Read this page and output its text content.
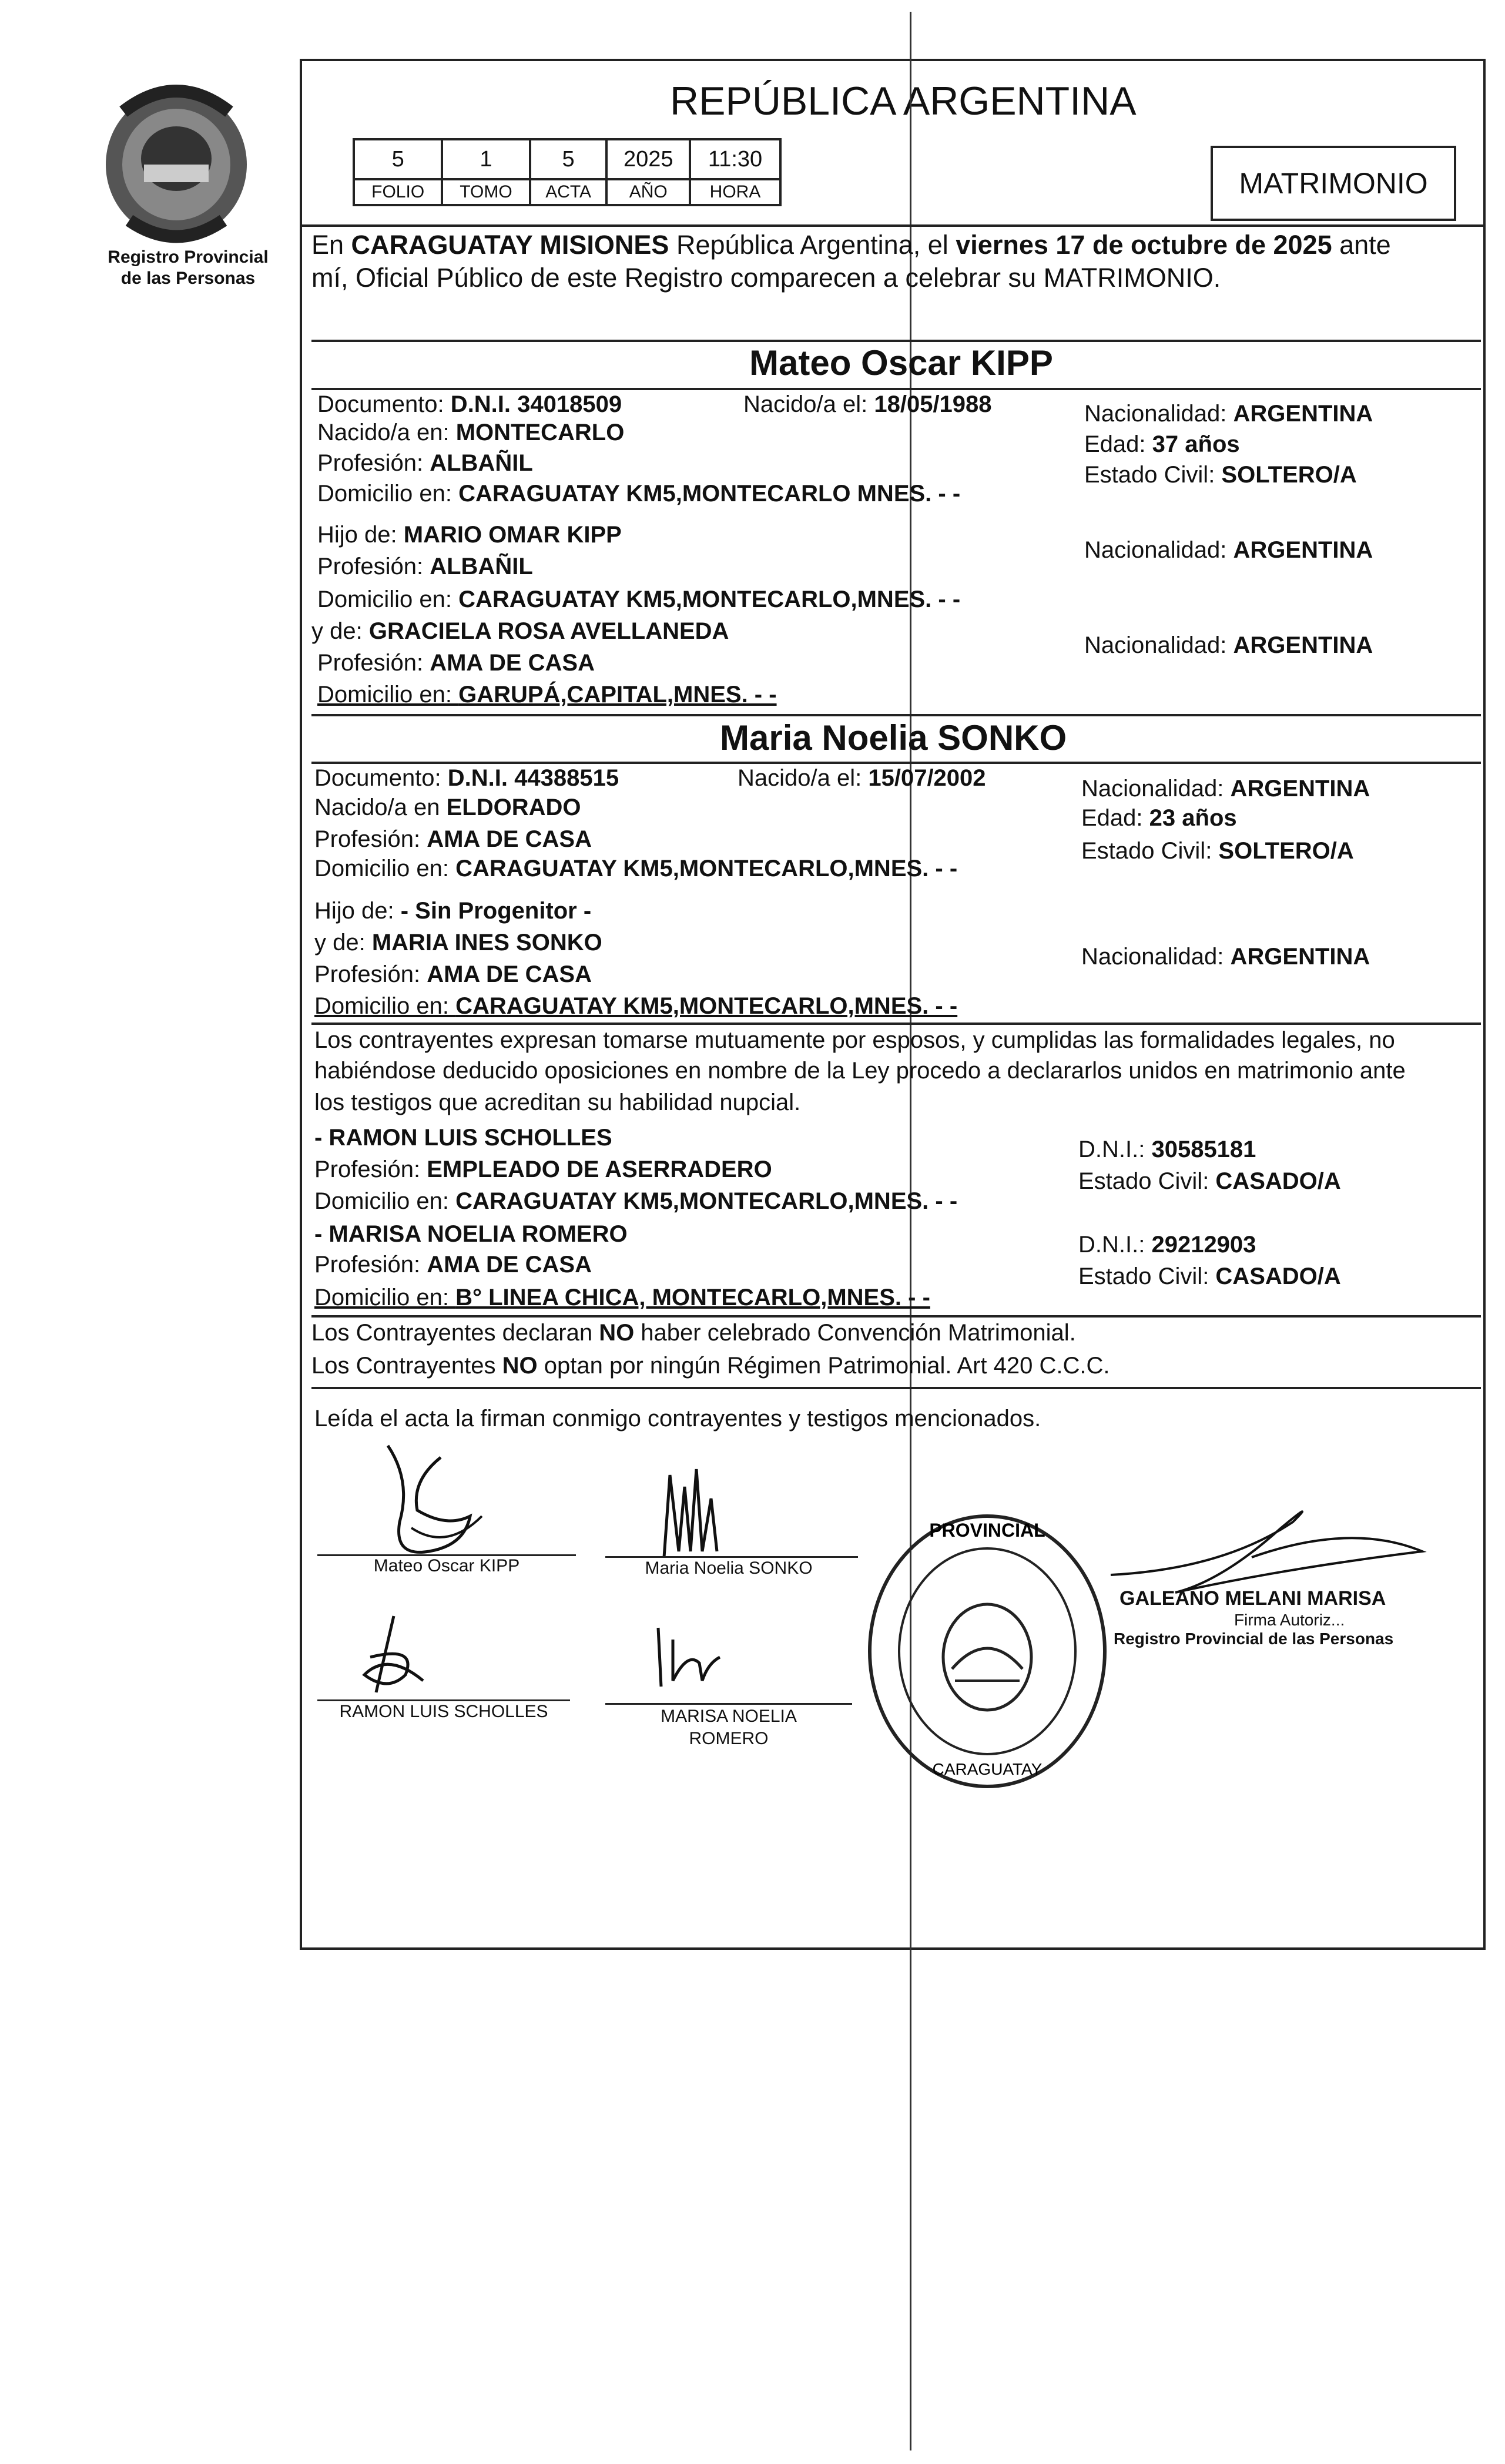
Registro Provincial
de las Personas
REPÚBLICA ARGENTINA
5	1	5	2025	11:30
FOLIO	TOMO	ACTA	AÑO	HORA	MATRIMONIO
En CARAGUATAY MISIONES República Argentina, el viernes 17 de octubre de 2025 ante
mí, Oficial Público de este Registro comparecen a celebrar su MATRIMONIO.
Mateo Oscar KIPP
Documento: D.N.I. 34018509	Nacido/a el: 18/05/1988	Nacionalidad: ARGENTINA
Nacido/a en: MONTECARLO	Edad: 37 años
Profesión: ALBAÑIL	Estado Civil: SOLTERO/A
Domicilio en: CARAGUATAY KM5,MONTECARLO MNES. - -
Hijo de: MARIO OMAR KIPP
Nacionalidad: ARGENTINA
Profesión: ALBAÑIL
Domicilio en: CARAGUATAY KM5,MONTECARLO,MNES. - -
y de: GRACIELA ROSA AVELLANEDA
Nacionalidad: ARGENTINA
Profesión: AMA DE CASA
Domicilio en: GARUPÁ,CAPITAL,MNES. - -
Maria Noelia SONKO
Documento: D.N.I. 44388515	Nacido/a el: 15/07/2002	Nacionalidad: ARGENTINA
Nacido/a en ELDORADO	Edad: 23 años
Profesión: AMA DE CASA	Estado Civil: SOLTERO/A
Domicilio en: CARAGUATAY KM5,MONTECARLO,MNES. - -
Hijo de: - Sin Progenitor -
y de: MARIA INES SONKO
Nacionalidad: ARGENTINA
Profesión: AMA DE CASA
Domicilio en: CARAGUATAY KM5,MONTECARLO,MNES. - -
Los contrayentes expresan tomarse mutuamente por esposos, y cumplidas las formalidades legales, no
habiéndose deducido oposiciones en nombre de la Ley procedo a declararlos unidos en matrimonio ante
los testigos que acreditan su habilidad nupcial.
- RAMON LUIS SCHOLLES	D.N.I.: 30585181
Profesión: EMPLEADO DE ASERRADERO	Estado Civil: CASADO/A
Domicilio en: CARAGUATAY KM5,MONTECARLO,MNES. - -
- MARISA NOELIA ROMERO	D.N.I.: 29212903
Profesión: AMA DE CASA	Estado Civil: CASADO/A
Domicilio en: B° LINEA CHICA, MONTECARLO,MNES. - -
Los Contrayentes declaran NO haber celebrado Convención Matrimonial.
Los Contrayentes NO optan por ningún Régimen Patrimonial. Art 420 C.C.C.
Leída el acta la firman conmigo contrayentes y testigos mencionados.
Mateo Oscar KIPP	Maria Noelia SONKO
RAMON LUIS SCHOLLES	MARISA NOELIA
ROMERO
PROVINCIAL
CARAGUATAY
GALEANO MELANI MARISA
Firma Autoriz...
Registro Provincial de las Personas
